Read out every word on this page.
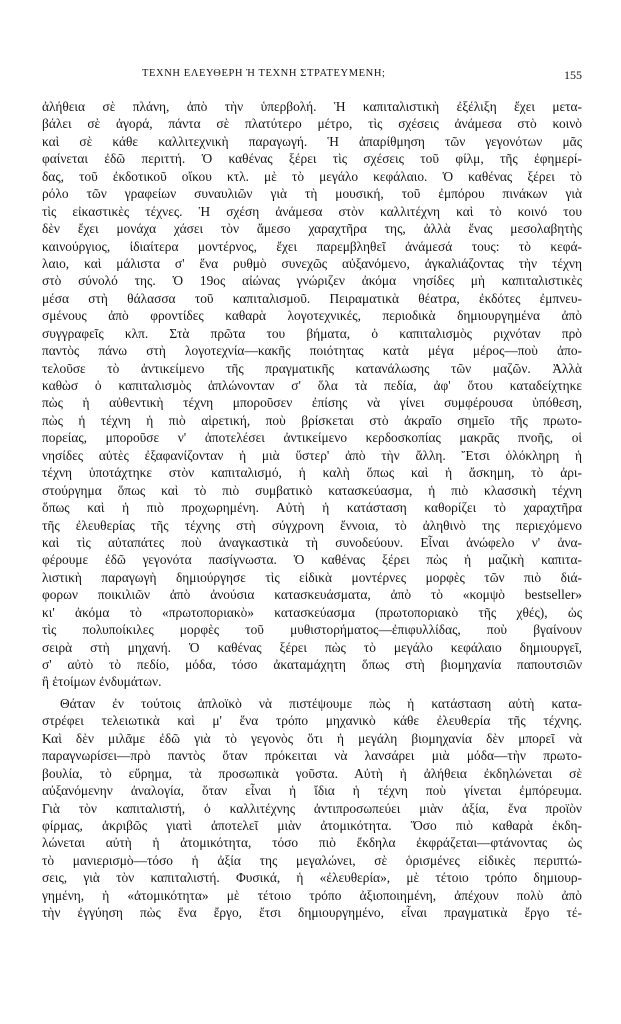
ΤΕΧΝΗ ΕΛΕΥΘΕΡΗ Ή ΤΕΧΝΗ ΣΤΡΑΤΕΥΜΕΝΗ;	155
ἀλήθεια σὲ πλάνη, ἀπὸ τὴν ὑπερβολή. Ἡ καπιταλιστικὴ ἐξέλιξη ἔχει μετα-
βάλει σὲ ἀγορά, πάντα σὲ πλατύτερο μέτρο, τὶς σχέσεις ἀνάμεσα στὸ κοινὸ
καὶ σὲ κάθε καλλιτεχνικὴ παραγωγή. Ἡ ἀπαρίθμηση τῶν γεγονότων μᾶς
φαίνεται ἐδῶ περιττή. Ὁ καθένας ξέρει τὶς σχέσεις τοῦ φίλμ, τῆς ἐφημερί-
δας, τοῦ ἐκδοτικοῦ οἴκου κτλ. μὲ τὸ μεγάλο κεφάλαιο. Ὁ καθένας ξέρει τὸ
ρόλο τῶν γραφείων συναυλιῶν γιὰ τὴ μουσική, τοῦ ἐμπόρου πινάκων γιὰ
τὶς εἰκαστικὲς τέχνες. Ἡ σχέση ἀνάμεσα στὸν καλλιτέχνη καὶ τὸ κοινό του
δὲν ἔχει μονάχα χάσει τὸν ἄμεσο χαραχτῆρα της, ἀλλὰ ἕνας μεσολαβητὴς
καινούργιος, ἰδιαίτερα μοντέρνος, ἔχει παρεμβληθεῖ ἀνάμεσά τους: τὸ κεφά-
λαιο, καὶ μάλιστα σ' ἕνα ρυθμὸ συνεχῶς αὐξανόμενο, ἀγκαλιάζοντας τὴν τέχνη
στὸ σύνολό της. Ὁ 19ος αἰώνας γνώριζεν ἀκόμα νησίδες μὴ καπιταλιστικὲς
μέσα στὴ θάλασσα τοῦ καπιταλισμοῦ. Πειραματικὰ θέατρα, ἐκδότες ἐμπνευ-
σμένους ἀπὸ φροντίδες καθαρὰ λογοτεχνικές, περιοδικὰ δημιουργημένα ἀπὸ
συγγραφεῖς κλπ. Στὰ πρῶτα του βήματα, ὁ καπιταλισμὸς ριχνόταν πρὸ
παντὸς πάνω στὴ λογοτεχνία—κακῆς ποιότητας κατὰ μέγα μέρος—ποὺ ἀπο-
τελοῦσε τὸ ἀντικείμενο τῆς πραγματικῆς κατανάλωσης τῶν μαζῶν. Ἀλλὰ
καθὼσ ὁ καπιταλισμὸς ἁπλώνονταν σ' ὅλα τὰ πεδία, ἀφ' ὅτου καταδείχτηκε
πὼς ἡ αὐθεντικὴ τέχνη μποροῦσεν ἐπίσης νὰ γίνει συμφέρουσα ὑπόθεση,
πὼς ἡ τέχνη ἡ πιὸ αἱρετική, ποὺ βρίσκεται στὸ ἀκραῖο σημεῖο τῆς πρωτο-
πορείας, μποροῦσε ν' ἀποτελέσει ἀντικείμενο κερδοσκοπίας μακρᾶς πνοῆς, οἱ
νησίδες αὐτὲς ἐξαφανίζονταν ἡ μιὰ ὕστερ' ἀπὸ τὴν ἄλλη. Ἔτσι ὁλόκληρη ἡ
τέχνη ὑποτάχτηκε στὸν καπιταλισμό, ἡ καλὴ ὅπως καὶ ἡ ἄσκημη, τὸ ἀρι-
στούργημα ὅπως καὶ τὸ πιὸ συμβατικὸ κατασκεύασμα, ἡ πιὸ κλασσικὴ τέχνη
ὅπως καὶ ἡ πιὸ προχωρημένη. Αὐτὴ ἡ κατάσταση καθορίζει τὸ χαραχτῆρα
τῆς ἐλευθερίας τῆς τέχνης στὴ σύγχρονη ἔννοια, τὸ ἀληθινὸ της περιεχόμενο
καὶ τὶς αὐταπάτες ποὺ ἀναγκαστικὰ τὴ συνοδεύουν. Εἶναι ἀνώφελο ν' ἀνα-
φέρουμε ἐδῶ γεγονότα πασίγνωστα. Ὁ καθένας ξέρει πὼς ἡ μαζικὴ καπιτα-
λιστικὴ παραγωγὴ δημιούργησε τὶς εἰδικὰ μοντέρνες μορφὲς τῶν πιὸ διά-
φορων ποικιλιῶν ἀπὸ ἀνούσια κατασκευάσματα, ἀπὸ τὸ «κομψὸ bestseller»
κι' ἀκόμα τὸ «πρωτοποριακὸ» κατασκεύασμα (πρωτοποριακὸ τῆς χθές), ὡς
τὶς πολυποίκιλες μορφὲς τοῦ μυθιστορήματος—ἐπιφυλλίδας, ποὺ βγαίνουν
σειρὰ στὴ μηχανή. Ὁ καθένας ξέρει πὼς τὸ μεγάλο κεφάλαιο δημιουργεῖ,
σ' αὐτὸ τὸ πεδίο, μόδα, τόσο ἀκαταμάχητη ὅπως στὴ βιομηχανία παπουτσιῶν
ἢ ἑτοίμων ἐνδυμάτων.
Θάταν ἐν τούτοις ἁπλοϊκὸ νὰ πιστέψουμε πὼς ἡ κατάσταση αὐτὴ κατα-
στρέφει τελειωτικὰ καὶ μ' ἕνα τρόπο μηχανικὸ κάθε ἐλευθερία τῆς τέχνης.
Καὶ δὲν μιλᾶμε ἐδῶ γιὰ τὸ γεγονὸς ὅτι ἡ μεγάλη βιομηχανία δὲν μπορεῖ νὰ
παραγνωρίσει—πρὸ παντὸς ὅταν πρόκειται νὰ λανσάρει μιὰ μόδα—τὴν πρωτο-
βουλία, τὸ εὕρημα, τὰ προσωπικὰ γοῦστα. Αὐτὴ ἡ ἀλήθεια ἐκδηλώνεται σὲ
αὐξανόμενην ἀναλογία, ὅταν εἶναι ἡ ἴδια ἡ τέχνη ποὺ γίνεται ἐμπόρευμα.
Γιὰ τὸν καπιταλιστή, ὁ καλλιτέχνης ἀντιπροσωπεύει μιὰν ἀξία, ἕνα προϊὸν
φίρμας, ἀκριβῶς γιατὶ ἀποτελεῖ μιὰν ἀτομικότητα. Ὅσο πιὸ καθαρὰ ἐκδη-
λώνεται αὐτὴ ἡ ἀτομικότητα, τόσο πιὸ ἔκδηλα ἐκφράζεται—φτάνοντας ὡς
τὸ μανιερισμὸ—τόσο ἡ ἀξία της μεγαλώνει, σὲ ὁρισμένες εἰδικὲς περιπτώ-
σεις, γιὰ τὸν καπιταλιστή. Φυσικά, ἡ «ἐλευθερία», μὲ τέτοιο τρόπο δημιουρ-
γημένη, ἡ «ἀτομικότητα» μὲ τέτοιο τρόπο ἀξιοποιημένη, ἀπέχουν πολὺ ἀπὸ
τὴν ἐγγύηση πὼς ἕνα ἔργο, ἔτσι δημιουργημένο, εἶναι πραγματικὰ ἔργο τέ-
